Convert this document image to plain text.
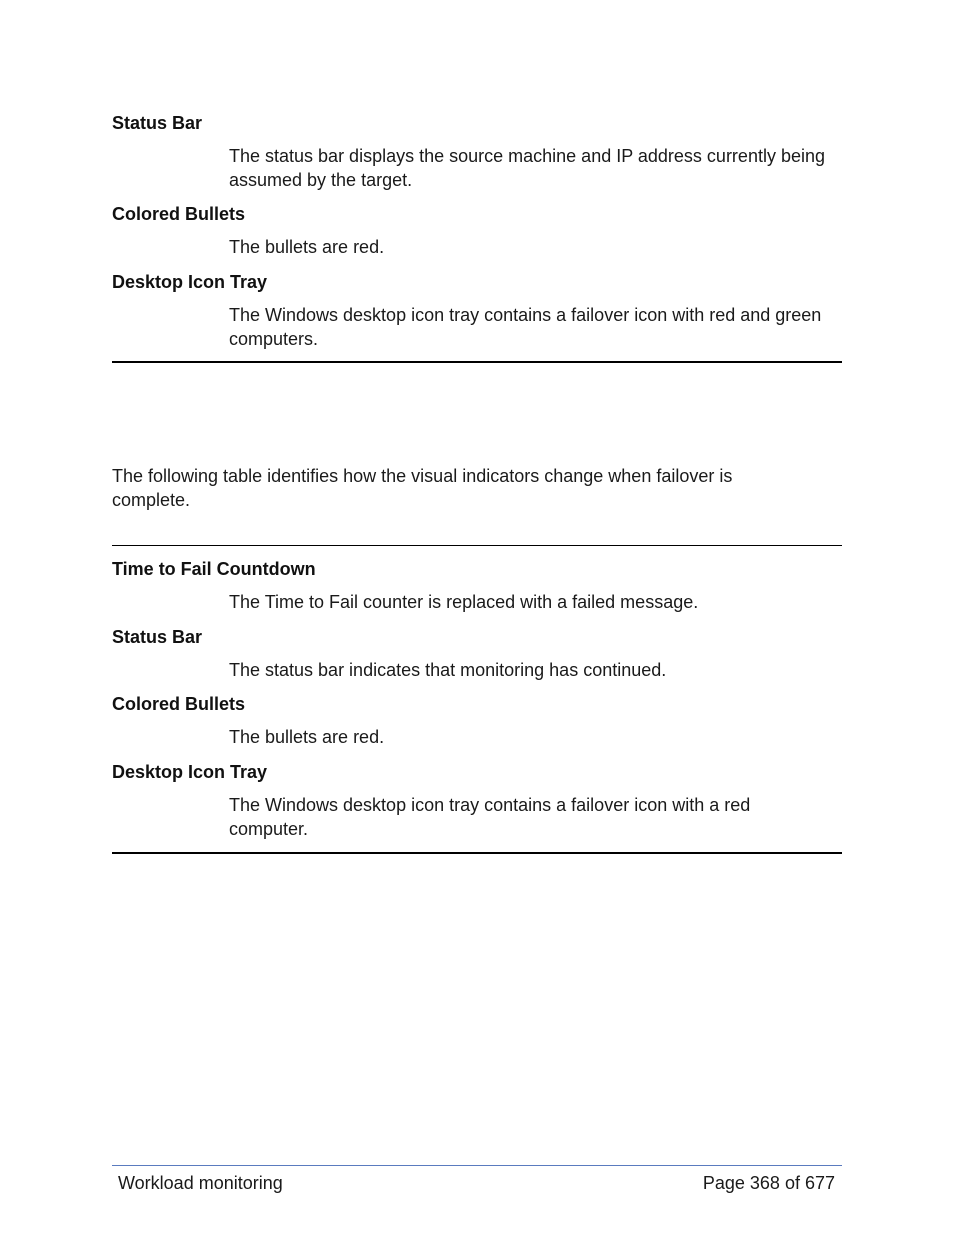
Status Bar
The status bar displays the source machine and IP address currently being assumed by the target.
Colored Bullets
The bullets are red.
Desktop Icon Tray
The Windows desktop icon tray contains a failover icon with red and green computers.
The following table identifies how the visual indicators change when failover is complete.
Time to Fail Countdown
The Time to Fail counter is replaced with a failed message.
Status Bar
The status bar indicates that monitoring has continued.
Colored Bullets
The bullets are red.
Desktop Icon Tray
The Windows desktop icon tray contains a failover icon with a red computer.
Workload monitoring	Page 368 of 677
